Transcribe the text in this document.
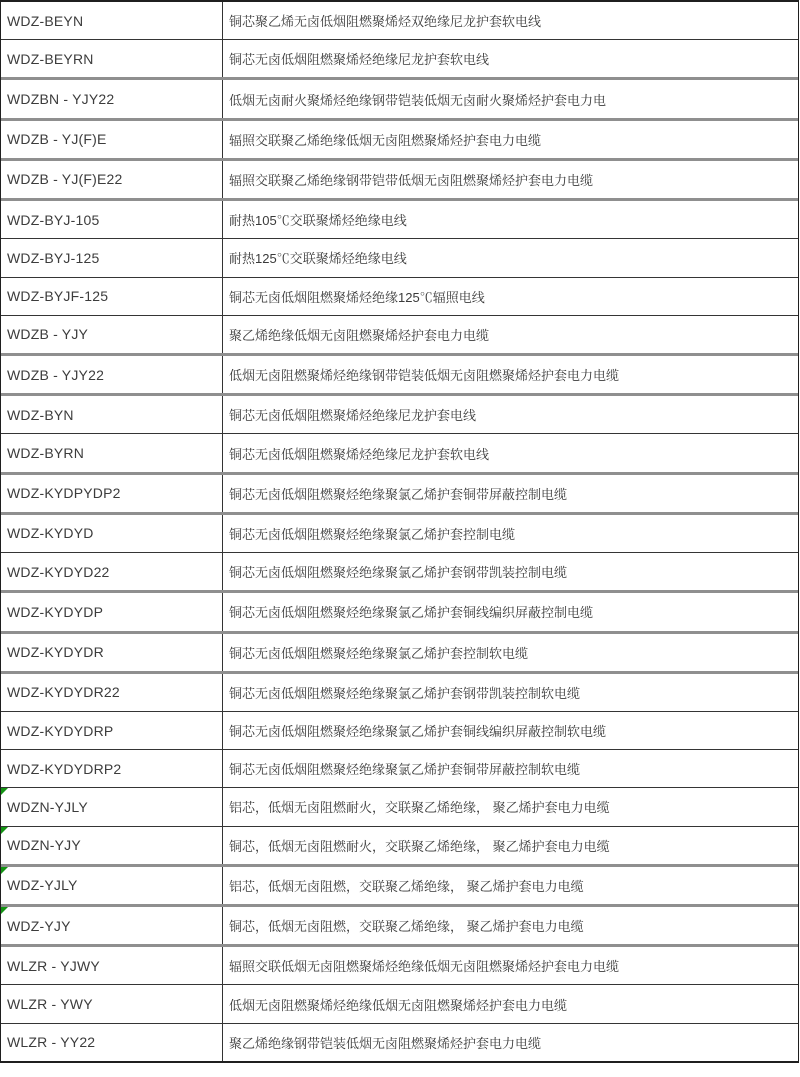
WDZ-BEYN	铜芯聚乙烯无卤低烟阻燃聚烯烃双绝缘尼龙护套软电线
WDZ-BEYRN	铜芯无卤低烟阻燃聚烯烃绝缘尼龙护套软电线
WDZBN - YJY22	低烟无卤耐火聚烯烃绝缘钢带铠装低烟无卤耐火聚烯烃护套电力电
WDZB - YJ(F)E	辐照交联聚乙烯绝缘低烟无卤阻燃聚烯烃护套电力电缆
WDZB - YJ(F)E22	辐照交联聚乙烯绝缘钢带铠带低烟无卤阻燃聚烯烃护套电力电缆
WDZ-BYJ-105	耐热105℃交联聚烯烃绝缘电线
WDZ-BYJ-125	耐热125℃交联聚烯烃绝缘电线
WDZ-BYJF-125	铜芯无卤低烟阻燃聚烯烃绝缘125℃辐照电线
WDZB - YJY	聚乙烯绝缘低烟无卤阻燃聚烯烃护套电力电缆
WDZB - YJY22	低烟无卤阻燃聚烯烃绝缘钢带铠装低烟无卤阻燃聚烯烃护套电力电缆
WDZ-BYN	铜芯无卤低烟阻燃聚烯烃绝缘尼龙护套电线
WDZ-BYRN	铜芯无卤低烟阻燃聚烯烃绝缘尼龙护套软电线
WDZ-KYDPYDP2	铜芯无卤低烟阻燃聚烃绝缘聚氯乙烯护套铜带屏蔽控制电缆
WDZ-KYDYD	铜芯无卤低烟阻燃聚烃绝缘聚氯乙烯护套控制电缆
WDZ-KYDYD22	铜芯无卤低烟阻燃聚烃绝缘聚氯乙烯护套钢带凯装控制电缆
WDZ-KYDYDP	铜芯无卤低烟阻燃聚烃绝缘聚氯乙烯护套铜线编织屏蔽控制电缆
WDZ-KYDYDR	铜芯无卤低烟阻燃聚烃绝缘聚氯乙烯护套控制软电缆
WDZ-KYDYDR22	铜芯无卤低烟阻燃聚烃绝缘聚氯乙烯护套钢带凯装控制软电缆
WDZ-KYDYDRP	铜芯无卤低烟阻燃聚烃绝缘聚氯乙烯护套铜线编织屏蔽控制软电缆
WDZ-KYDYDRP2	铜芯无卤低烟阻燃聚烃绝缘聚氯乙烯护套铜带屏蔽控制软电缆
WDZN-YJLY	铝芯，低烟无卤阻燃耐火，交联聚乙烯绝缘， 聚乙烯护套电力电缆
WDZN-YJY	铜芯，低烟无卤阻燃耐火，交联聚乙烯绝缘， 聚乙烯护套电力电缆
WDZ-YJLY	铝芯，低烟无卤阻燃，交联聚乙烯绝缘， 聚乙烯护套电力电缆
WDZ-YJY	铜芯，低烟无卤阻燃，交联聚乙烯绝缘， 聚乙烯护套电力电缆
WLZR - YJWY	辐照交联低烟无卤阻燃聚烯烃绝缘低烟无卤阻燃聚烯烃护套电力电缆
WLZR - YWY	低烟无卤阻燃聚烯烃绝缘低烟无卤阻燃聚烯烃护套电力电缆
WLZR - YY22	聚乙烯绝缘钢带铠装低烟无卤阻燃聚烯烃护套电力电缆
